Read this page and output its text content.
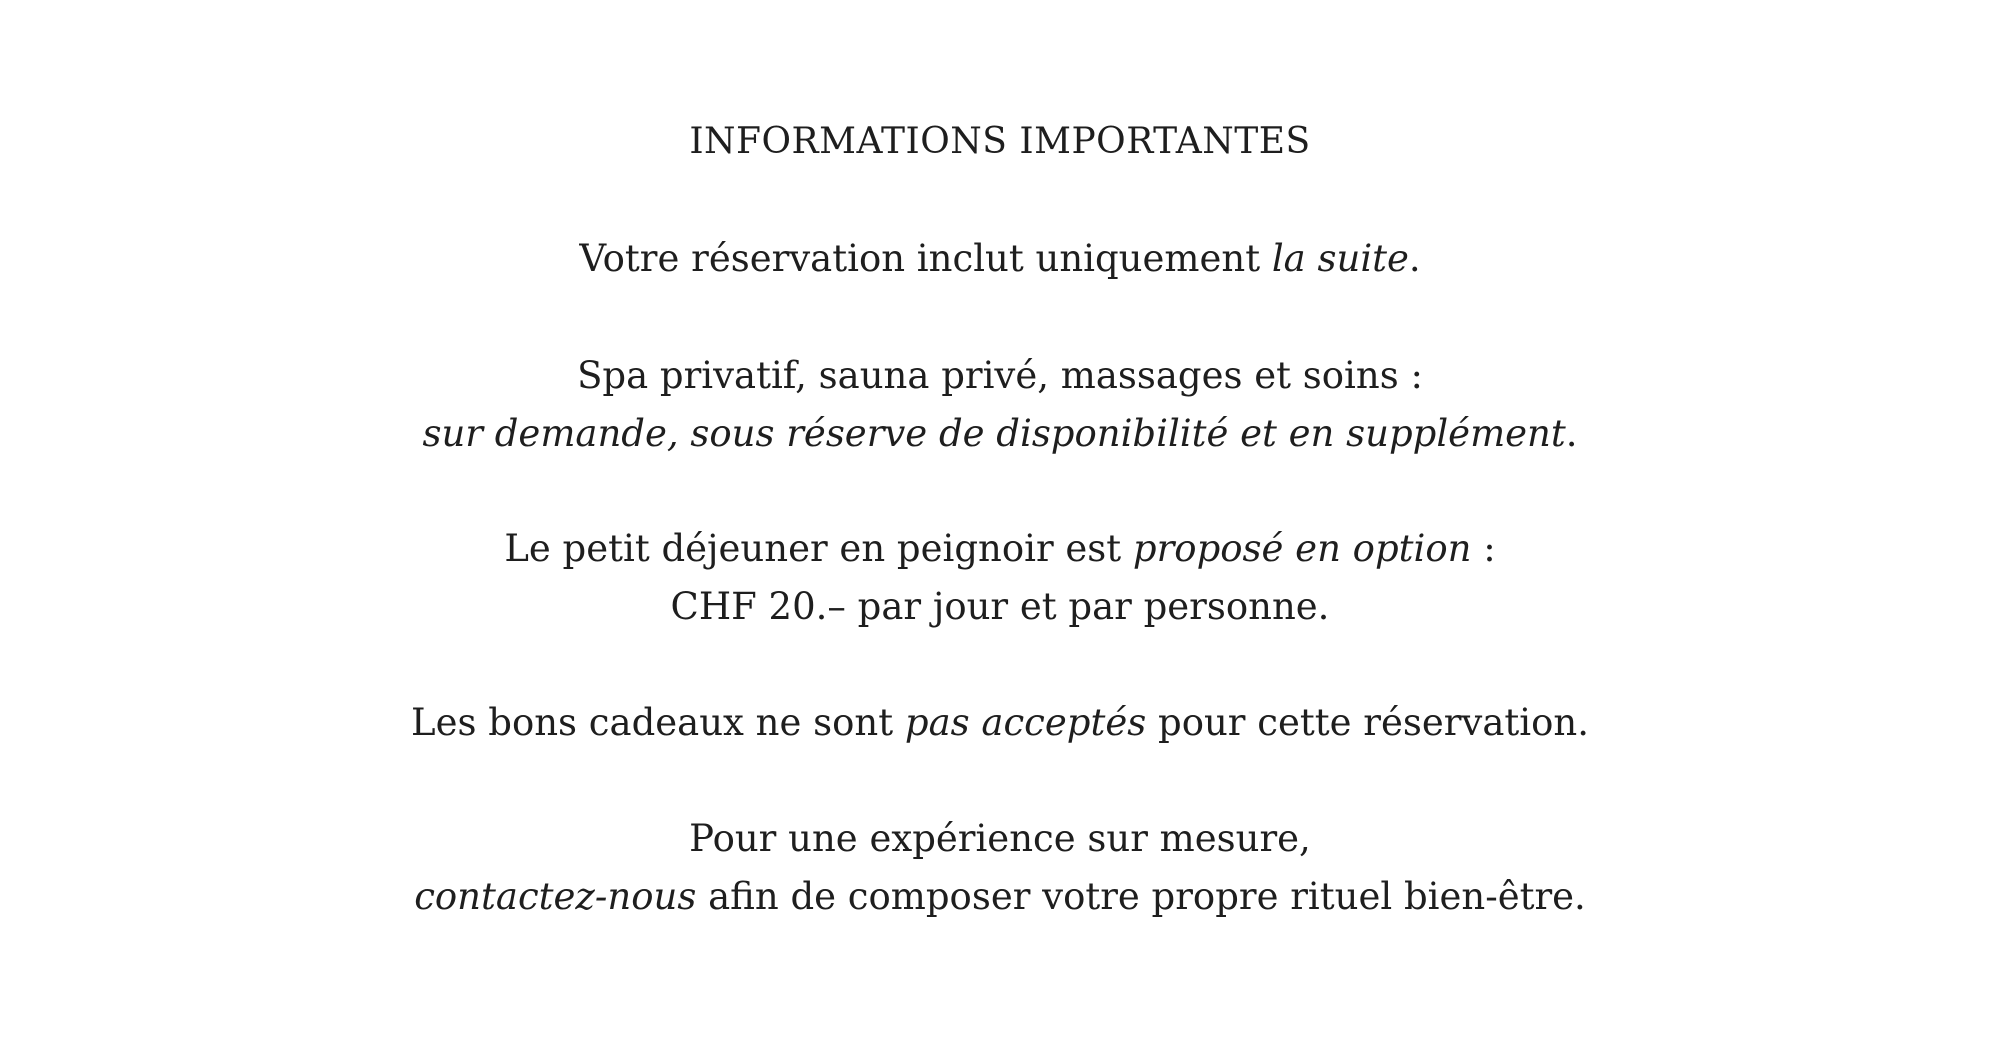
INFORMATIONS IMPORTANTES

Votre réservation inclut uniquement la suite.

Spa privatif, sauna privé, massages et soins :

sur demande, sous réserve de disponibilité et en supplément.

Le petit déjeuner en peignoir est proposé en option :

CHF 20.– par jour et par personne.

Les bons cadeaux ne sont pas acceptés pour cette réservation.

Pour une expérience sur mesure,

contactez-nous afin de composer votre propre rituel bien-être.
